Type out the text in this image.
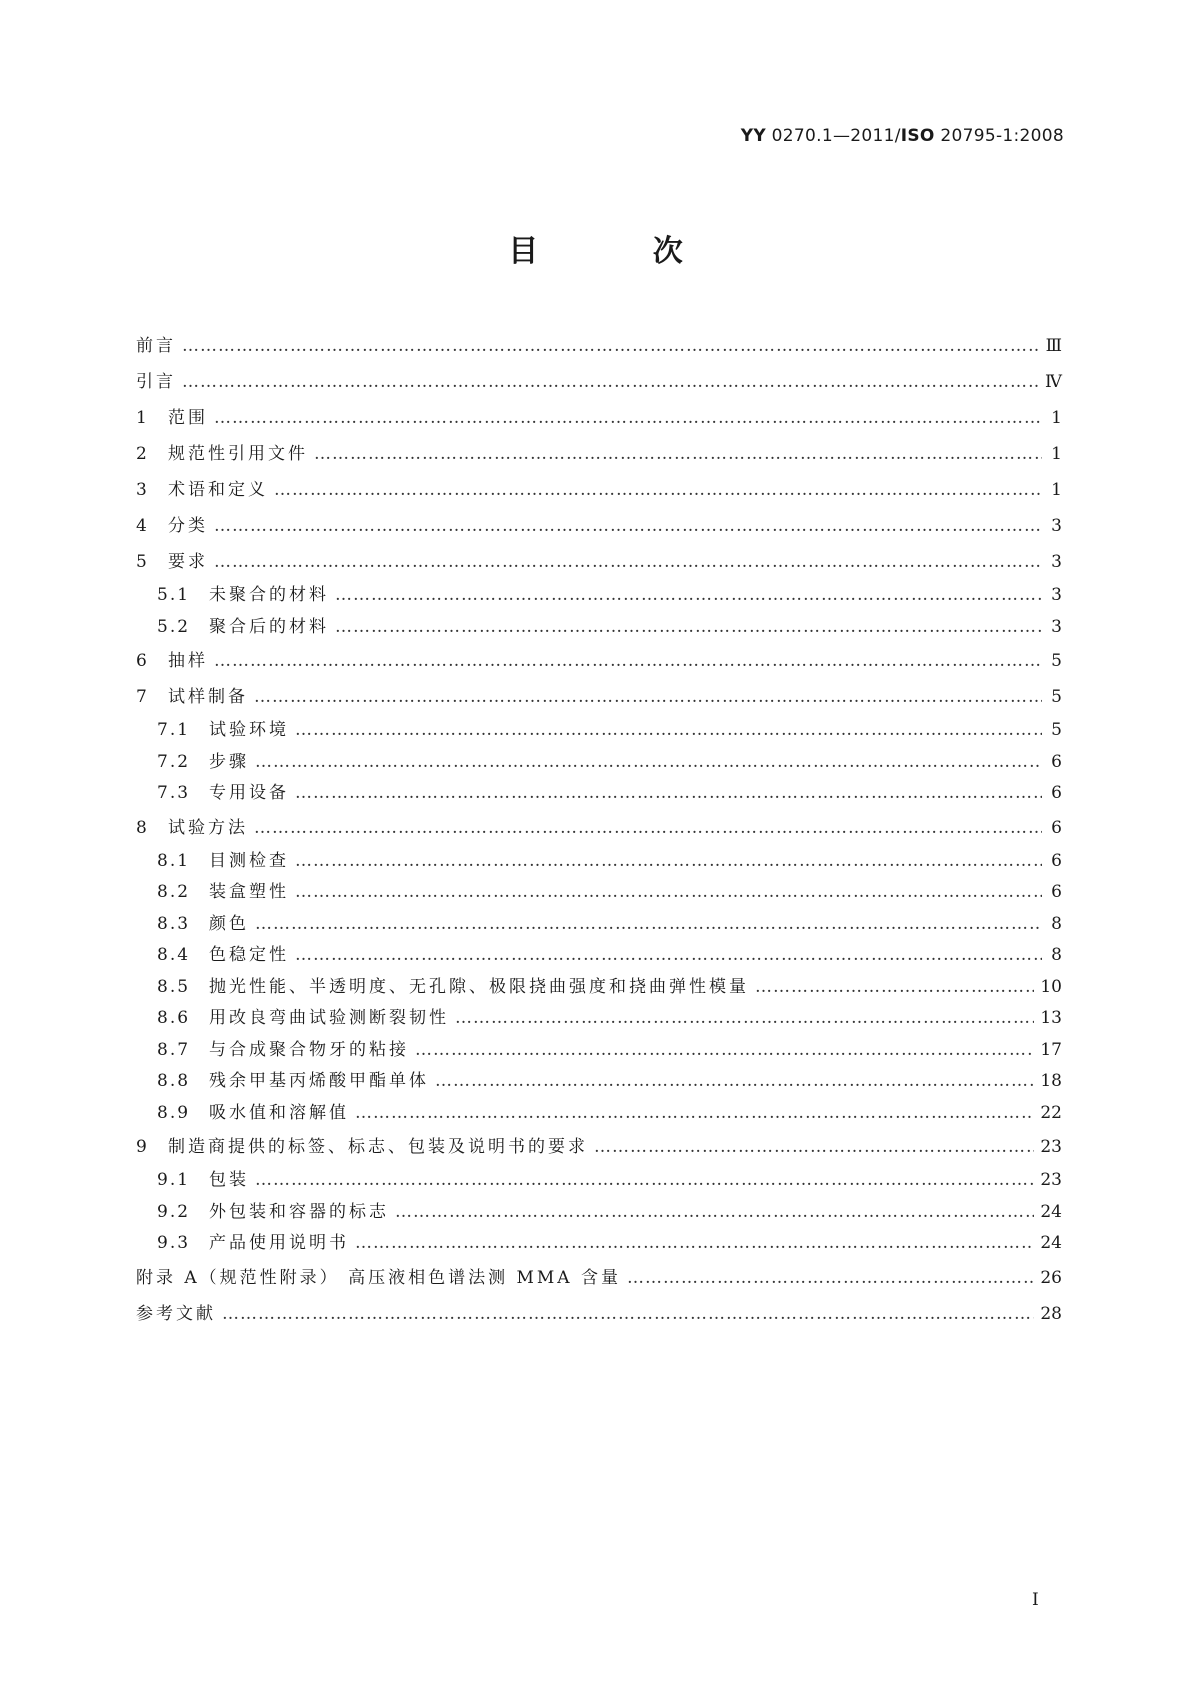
YY 0270.1—2011/ISO 20795-1:2008
目 次
前言 ………………………………………………………………………………………………………………………………………………………………………………………………………	Ⅲ
引言 ………………………………………………………………………………………………………………………………………………………………………………………………………	Ⅳ
1	范围 ………………………………………………………………………………………………………………………………………………………………………………………………………	1
2	规范性引用文件 ………………………………………………………………………………………………………………………………………………………………………………………………………	1
3	术语和定义 ………………………………………………………………………………………………………………………………………………………………………………………………………	1
4	分类 ………………………………………………………………………………………………………………………………………………………………………………………………………	3
5	要求 ………………………………………………………………………………………………………………………………………………………………………………………………………	3
5.1	未聚合的材料 ………………………………………………………………………………………………………………………………………………………………………………………………………	3
5.2	聚合后的材料 ………………………………………………………………………………………………………………………………………………………………………………………………………	3
6	抽样 ………………………………………………………………………………………………………………………………………………………………………………………………………	5
7	试样制备 ………………………………………………………………………………………………………………………………………………………………………………………………………	5
7.1	试验环境 ………………………………………………………………………………………………………………………………………………………………………………………………………	5
7.2	步骤 ………………………………………………………………………………………………………………………………………………………………………………………………………	6
7.3	专用设备 ………………………………………………………………………………………………………………………………………………………………………………………………………	6
8	试验方法 ………………………………………………………………………………………………………………………………………………………………………………………………………	6
8.1	目测检查 ………………………………………………………………………………………………………………………………………………………………………………………………………	6
8.2	装盒塑性 ………………………………………………………………………………………………………………………………………………………………………………………………………	6
8.3	颜色 ………………………………………………………………………………………………………………………………………………………………………………………………………	8
8.4	色稳定性 ………………………………………………………………………………………………………………………………………………………………………………………………………	8
8.5	抛光性能、半透明度、无孔隙、极限挠曲强度和挠曲弹性模量 ………………………………………………………………………………………………………………………………………………………………………………………………………	10
8.6	用改良弯曲试验测断裂韧性 ………………………………………………………………………………………………………………………………………………………………………………………………………	13
8.7	与合成聚合物牙的粘接 ………………………………………………………………………………………………………………………………………………………………………………………………………	17
8.8	残余甲基丙烯酸甲酯单体 ………………………………………………………………………………………………………………………………………………………………………………………………………	18
8.9	吸水值和溶解值 ………………………………………………………………………………………………………………………………………………………………………………………………………	22
9	制造商提供的标签、标志、包装及说明书的要求 ………………………………………………………………………………………………………………………………………………………………………………………………………	23
9.1	包装 ………………………………………………………………………………………………………………………………………………………………………………………………………	23
9.2	外包装和容器的标志 ………………………………………………………………………………………………………………………………………………………………………………………………………	24
9.3	产品使用说明书 ………………………………………………………………………………………………………………………………………………………………………………………………………	24
附录 A（规范性附录） 高压液相色谱法测 MMA 含量 ………………………………………………………………………………………………………………………………………………………………………………………………………	26
参考文献 ………………………………………………………………………………………………………………………………………………………………………………………………………	28
I
